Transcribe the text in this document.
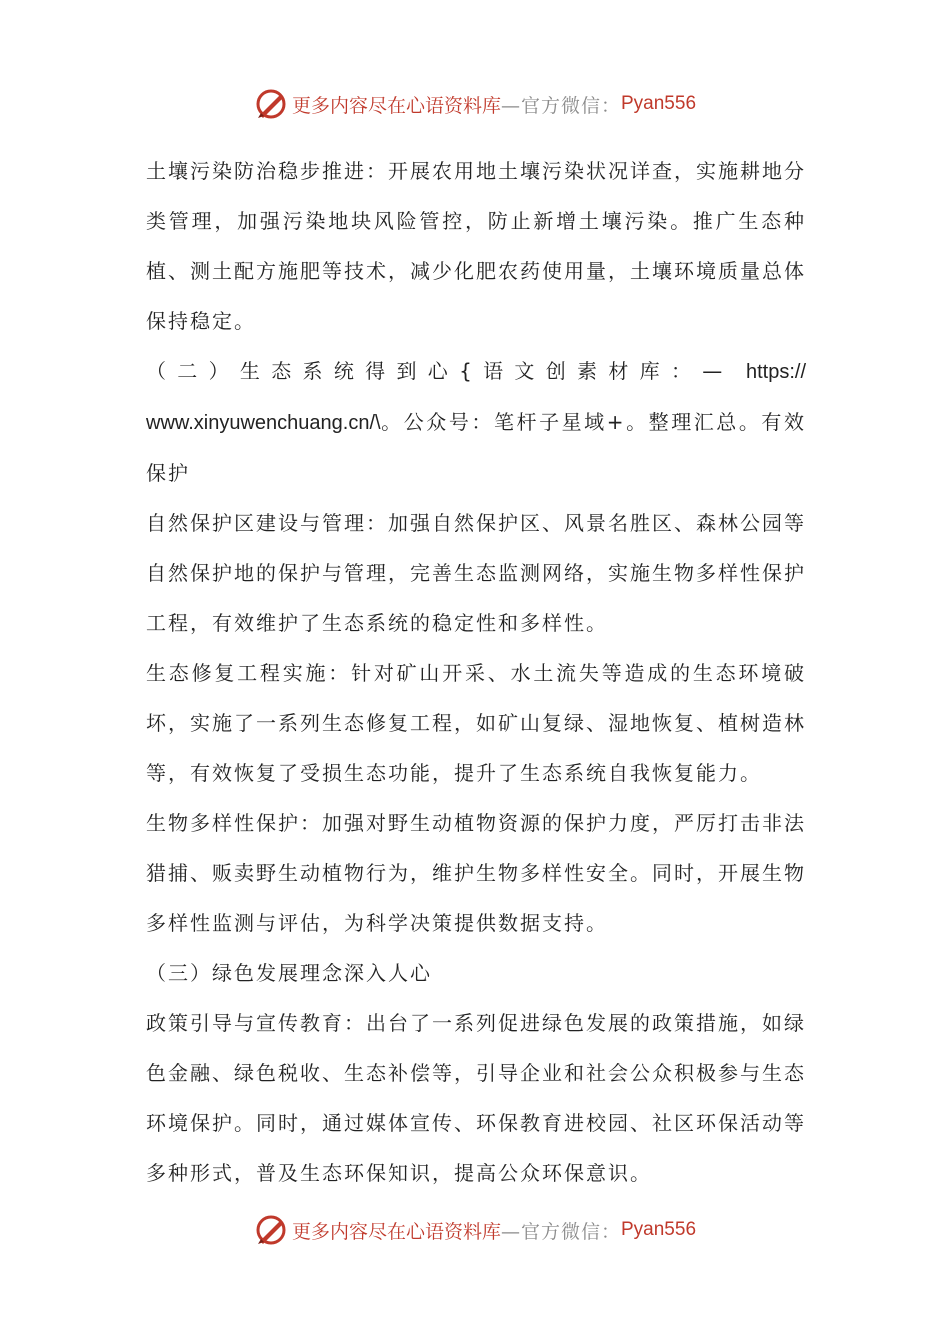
更多内容尽在心语资料库 —官方微信： Pyan556

土壤污染防治稳步推进：开展农用地土壤污染状况详查，实施耕地分类管理，加强污染地块风险管控，防止新增土壤污染。推广生态种植、测土配方施肥等技术，减少化肥农药使用量，土壤环境质量总体保持稳定。

（二）生态系统得到心{语文创素材库：— https://

www.xinyuwenchuang.cn/\。公众号：笔杆子星域+。整理汇总。有效保护

自然保护区建设与管理：加强自然保护区、风景名胜区、森林公园等自然保护地的保护与管理，完善生态监测网络，实施生物多样性保护工程，有效维护了生态系统的稳定性和多样性。

生态修复工程实施：针对矿山开采、水土流失等造成的生态环境破坏，实施了一系列生态修复工程，如矿山复绿、湿地恢复、植树造林等，有效恢复了受损生态功能，提升了生态系统自我恢复能力。

生物多样性保护：加强对野生动植物资源的保护力度，严厉打击非法猎捕、贩卖野生动植物行为，维护生物多样性安全。同时，开展生物多样性监测与评估，为科学决策提供数据支持。

（三）绿色发展理念深入人心

政策引导与宣传教育：出台了一系列促进绿色发展的政策措施，如绿色金融、绿色税收、生态补偿等，引导企业和社会公众积极参与生态环境保护。同时，通过媒体宣传、环保教育进校园、社区环保活动等多种形式，普及生态环保知识，提高公众环保意识。

更多内容尽在心语资料库 —官方微信： Pyan556
